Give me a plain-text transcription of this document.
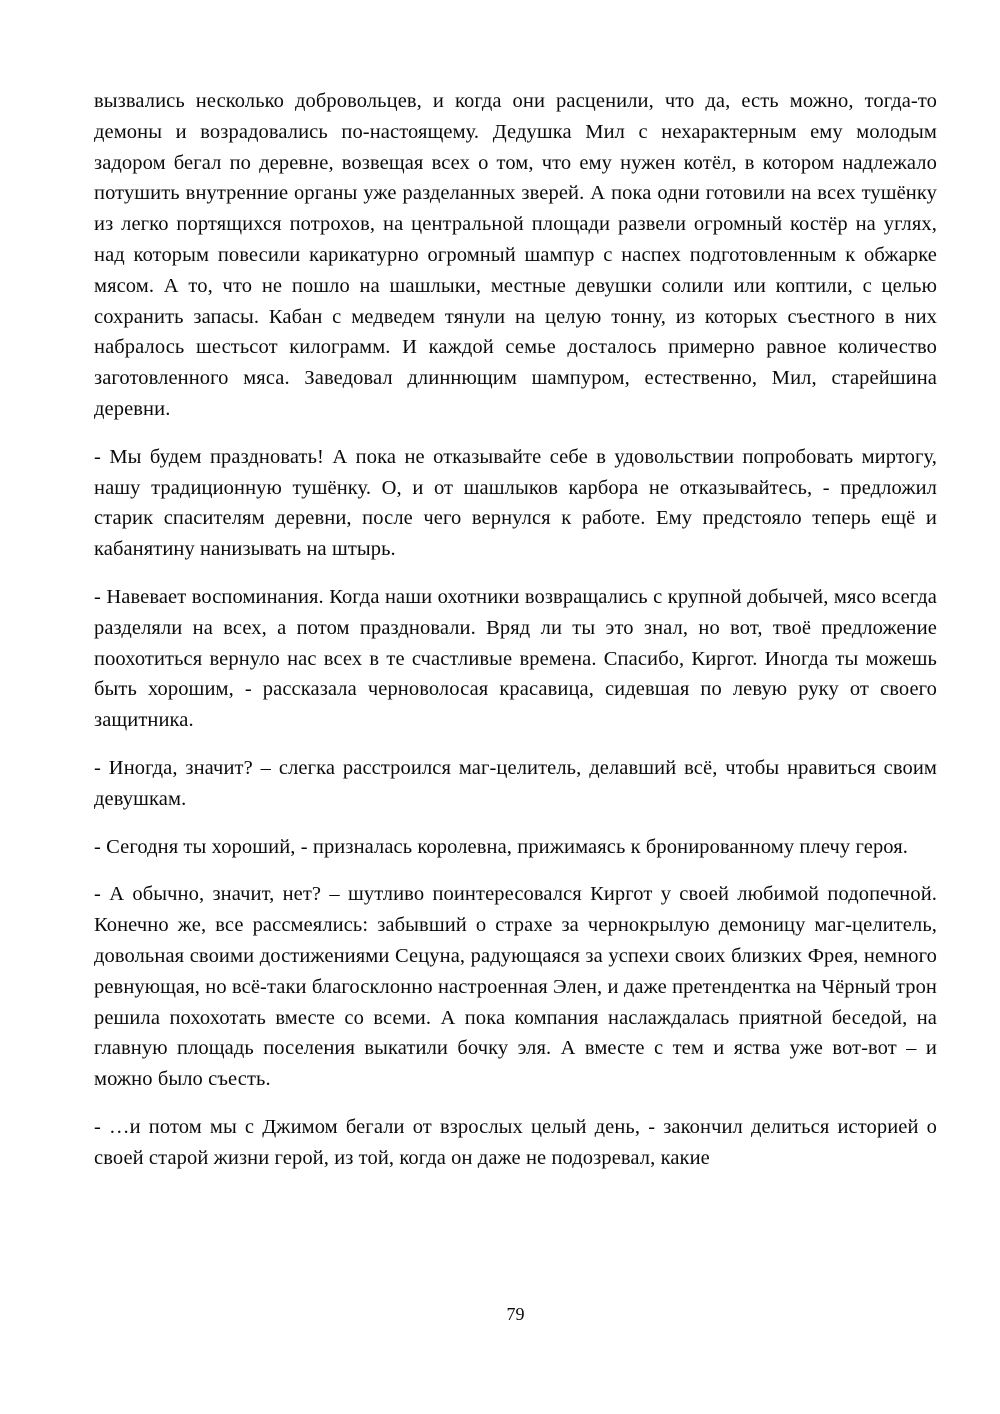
вызвались несколько добровольцев, и когда они расценили, что да, есть можно, тогда-то демоны и возрадовались по-настоящему. Дедушка Мил с нехарактерным ему молодым задором бегал по деревне, возвещая всех о том, что ему нужен котёл, в котором надлежало потушить внутренние органы уже разделанных зверей. А пока одни готовили на всех тушёнку из легко портящихся потрохов, на центральной площади развели огромный костёр на углях, над которым повесили карикатурно огромный шампур с наспех подготовленным к обжарке мясом. А то, что не пошло на шашлыки, местные девушки солили или коптили, с целью сохранить запасы. Кабан с медведем тянули на целую тонну, из которых съестного в них набралось шестьсот килограмм. И каждой семье досталось примерно равное количество заготовленного мяса. Заведовал длиннющим шампуром, естественно, Мил, старейшина деревни.

- Мы будем праздновать! А пока не отказывайте себе в удовольствии попробовать миртогу, нашу традиционную тушёнку. О, и от шашлыков карбора не отказывайтесь, - предложил старик спасителям деревни, после чего вернулся к работе. Ему предстояло теперь ещё и кабанятину нанизывать на штырь.

- Навевает воспоминания. Когда наши охотники возвращались с крупной добычей, мясо всегда разделяли на всех, а потом праздновали. Вряд ли ты это знал, но вот, твоё предложение поохотиться вернуло нас всех в те счастливые времена. Спасибо, Киргот. Иногда ты можешь быть хорошим, - рассказала черноволосая красавица, сидевшая по левую руку от своего защитника.

- Иногда, значит? – слегка расстроился маг-целитель, делавший всё, чтобы нравиться своим девушкам.

- Сегодня ты хороший, - призналась королевна, прижимаясь к бронированному плечу героя.

- А обычно, значит, нет? – шутливо поинтересовался Киргот у своей любимой подопечной. Конечно же, все рассмеялись: забывший о страхе за чернокрылую демоницу маг-целитель, довольная своими достижениями Сецуна, радующаяся за успехи своих близких Фрея, немного ревнующая, но всё-таки благосклонно настроенная Элен, и даже претендентка на Чёрный трон решила похохотать вместе со всеми. А пока компания наслаждалась приятной беседой, на главную площадь поселения выкатили бочку эля. А вместе с тем и яства уже вот-вот – и можно было съесть.

- …и потом мы с Джимом бегали от взрослых целый день, - закончил делиться историей о своей старой жизни герой, из той, когда он даже не подозревал, какие

79
